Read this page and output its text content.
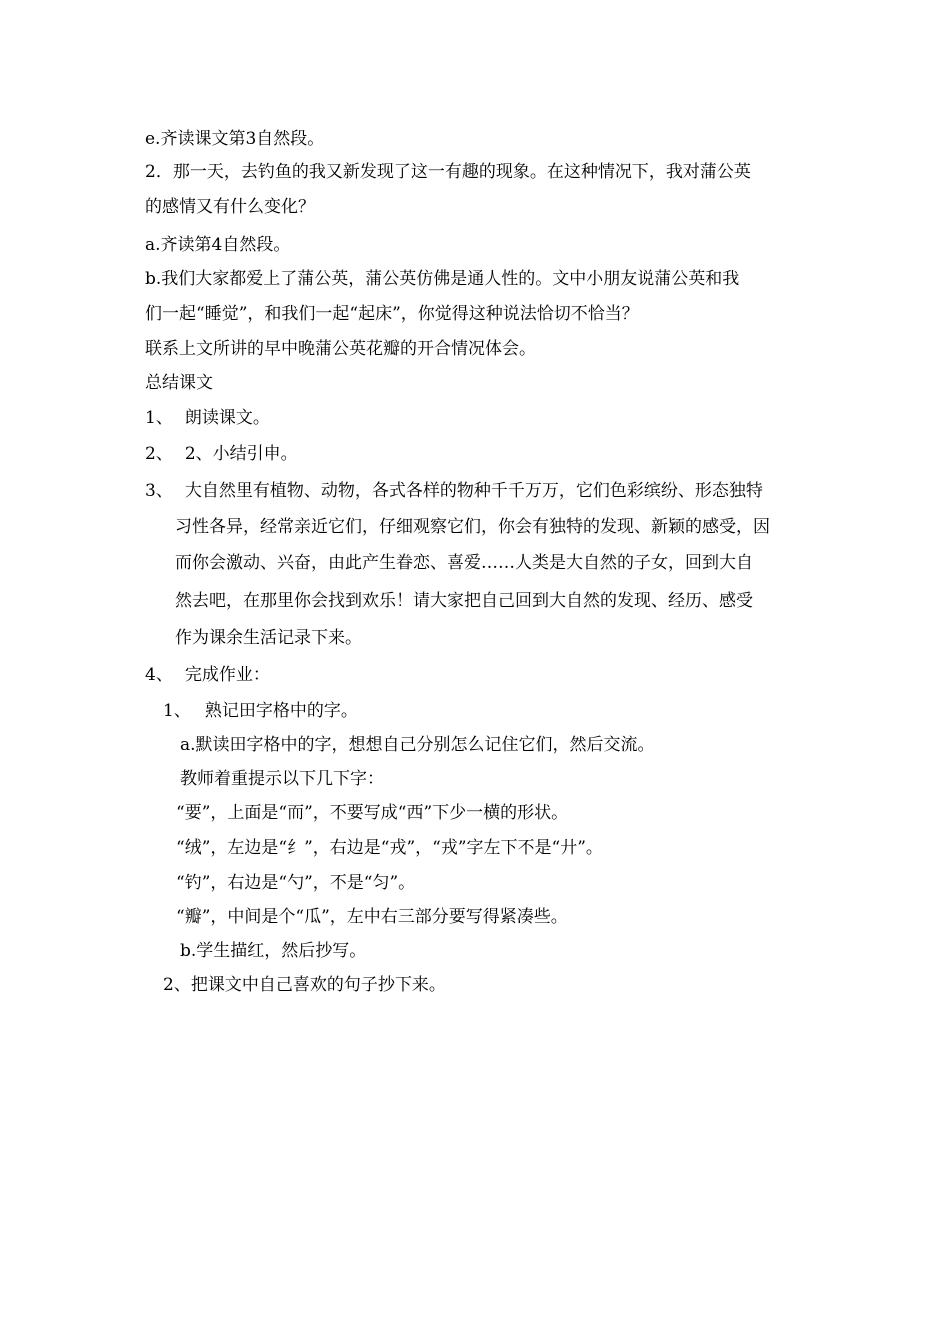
e.齐读课文第3自然段。
2．那一天，去钓鱼的我又新发现了这一有趣的现象。在这种情况下，我对蒲公英
的感情又有什么变化？
a.齐读第4自然段。
b.我们大家都爱上了蒲公英，蒲公英仿佛是通人性的。文中小朋友说蒲公英和我
们一起“睡觉”，和我们一起“起床”，你觉得这种说法恰切不恰当？
联系上文所讲的早中晚蒲公英花瓣的开合情况体会。
总结课文
1、 朗读课文。
2、 2、小结引申。
3、 大自然里有植物、动物，各式各样的物种千千万万，它们色彩缤纷、形态独特
习性各异，经常亲近它们，仔细观察它们，你会有独特的发现、新颖的感受，因
而你会激动、兴奋，由此产生眷恋、喜爱……人类是大自然的子女，回到大自
然去吧，在那里你会找到欢乐！请大家把自己回到大自然的发现、经历、感受
作为课余生活记录下来。
4、 完成作业：
1、 熟记田字格中的字。
a.默读田字格中的字，想想自己分别怎么记住它们，然后交流。
教师着重提示以下几下字：
“要”，上面是“而”，不要写成“西”下少一横的形状。
“绒”，左边是“纟”，右边是“戎”，“戎”字左下不是“廾”。
“钓”，右边是“勺”，不是“匀”。
“瓣”，中间是个“瓜”，左中右三部分要写得紧凑些。
b.学生描红，然后抄写。
2、把课文中自己喜欢的句子抄下来。
